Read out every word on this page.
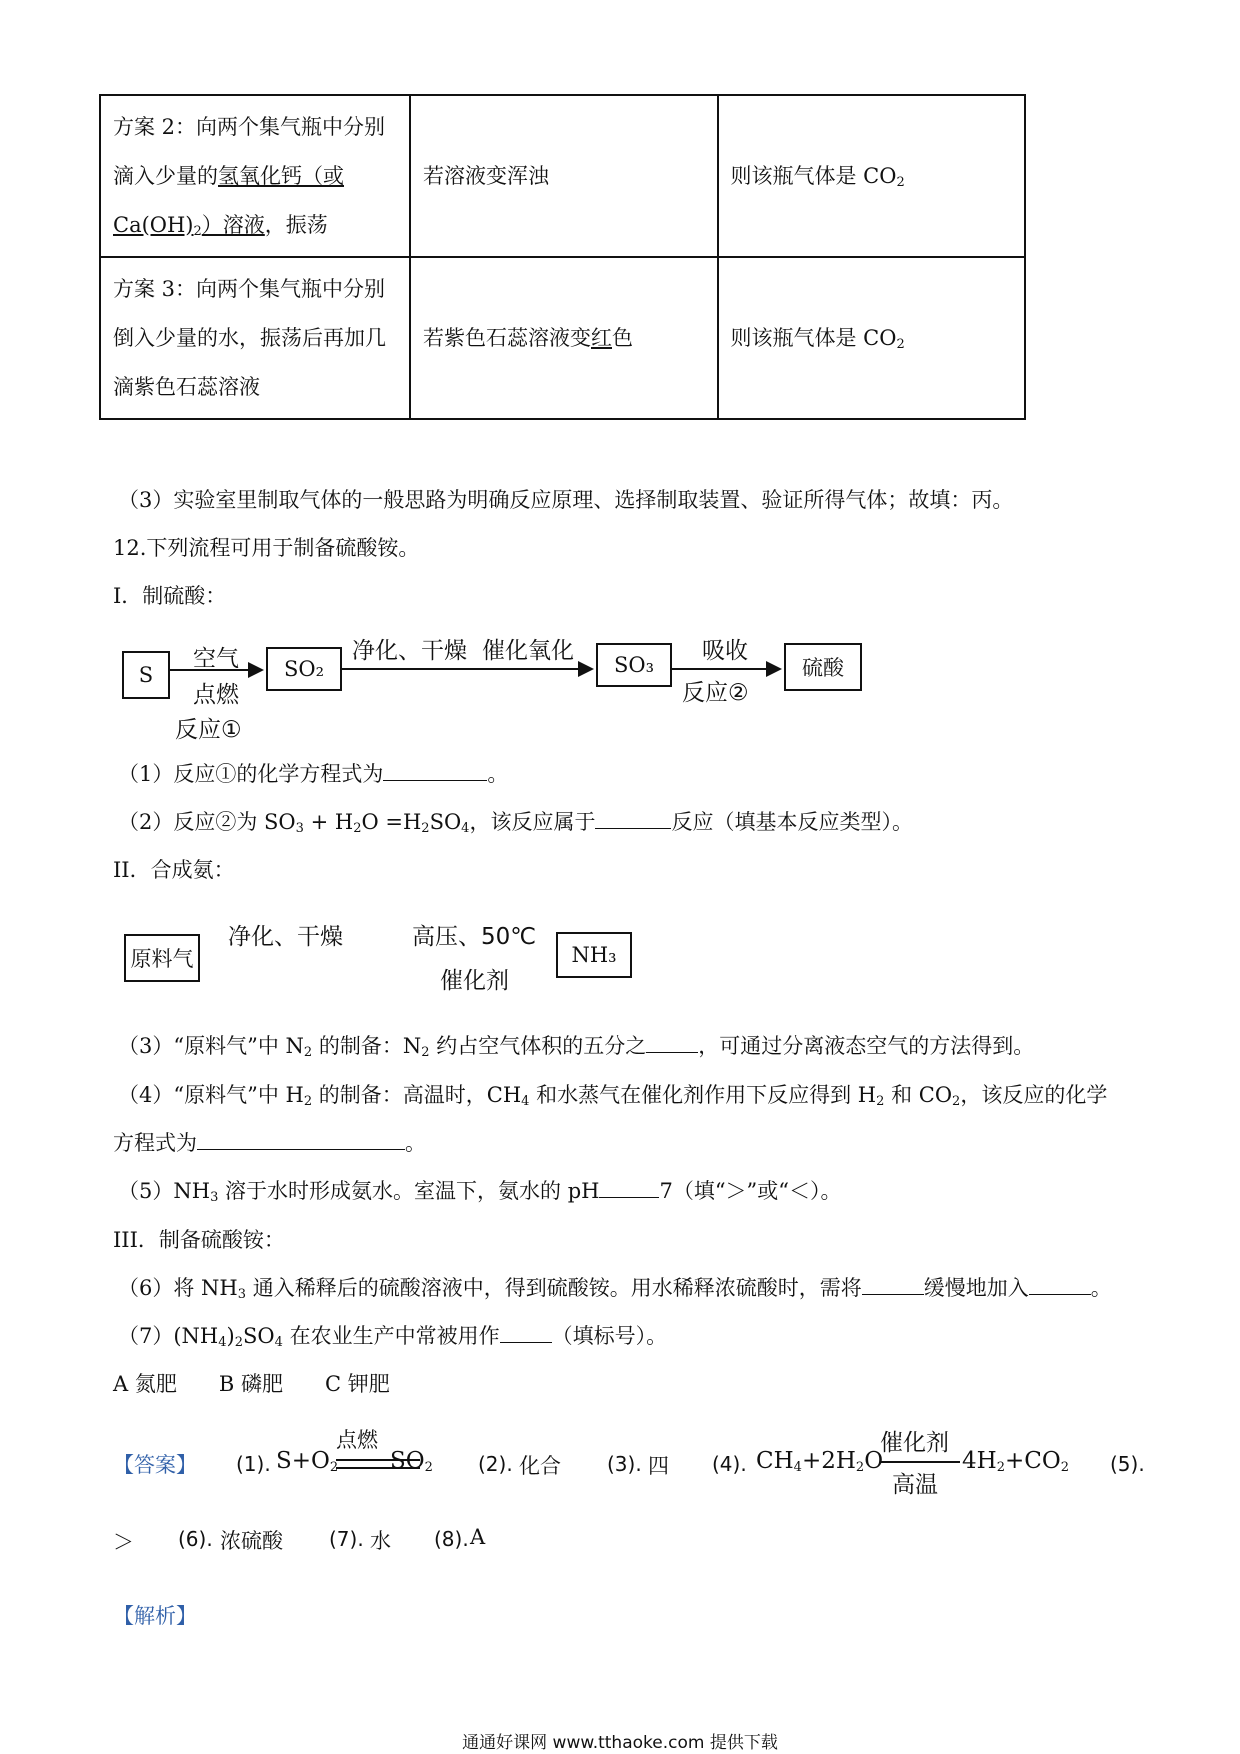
方案 2：向两个集气瓶中分别滴入少量的氢氧化钙（或$Ca(OH)_2$）溶液，振荡	若溶液变浑浊	则该瓶气体是 $CO_2$
方案 3：向两个集气瓶中分别倒入少量的水，振荡后再加几滴紫色石蕊溶液	若紫色石蕊溶液变红色	则该瓶气体是 $CO_2$
（3）实验室里制取气体的一般思路为明确反应原理、选择制取装置、验证所得气体；故填：丙。
12.下列流程可用于制备硫酸铵。
I．制硫酸：
S	SO₂	SO₃	硫酸
空气
点燃
反应①
净化、干燥 催化氧化	吸收
反应②
（1）反应①的化学方程式为	。
（2）反应②为 $SO_3 + H_2O =H_2SO_4$，该反应属于	反应（填基本反应类型）。
II．合成氨：
原料气	NH₃
净化、干燥	高压、50℃
催化剂
（3）“原料气”中 $N_2$ 的制备：$N_2$ 约占空气体积的五分之 ，可通过分离液态空气的方法得到。
（4）“原料气”中 $H_2$ 的制备：高温时，$CH_4$ 和水蒸气在催化剂作用下反应得到 $H_2$ 和 $CO_2$，该反应的化学
方程式为	。
$(5)NH_3$ 溶于水时形成氨水。室温下，氨水的 pH	7（填“＞”或“＜）。
III．制备硫酸铵：
（6）将 $NH_3$ 通入稀释后的硫酸溶液中，得到硫酸铵。用水稀释浓硫酸时，需将	缓慢地加入	。
$(7)(NH_4)_2SO_4$ 在农业生产中常被用作 （填标号）。
A 氮肥　　B 磷肥　　C 钾肥
【答案】 (1). $S+O_2$
点燃
$SO_2$ (2). 化合 (3). 四 (4). $CH_4+2H_2O$
催化剂
高温
$4H_2+CO_2$ (5).
＞ (6). 浓硫酸 (7). 水 (8). A
【解析】
通通好课网 www.tthaoke.com 提供下载
